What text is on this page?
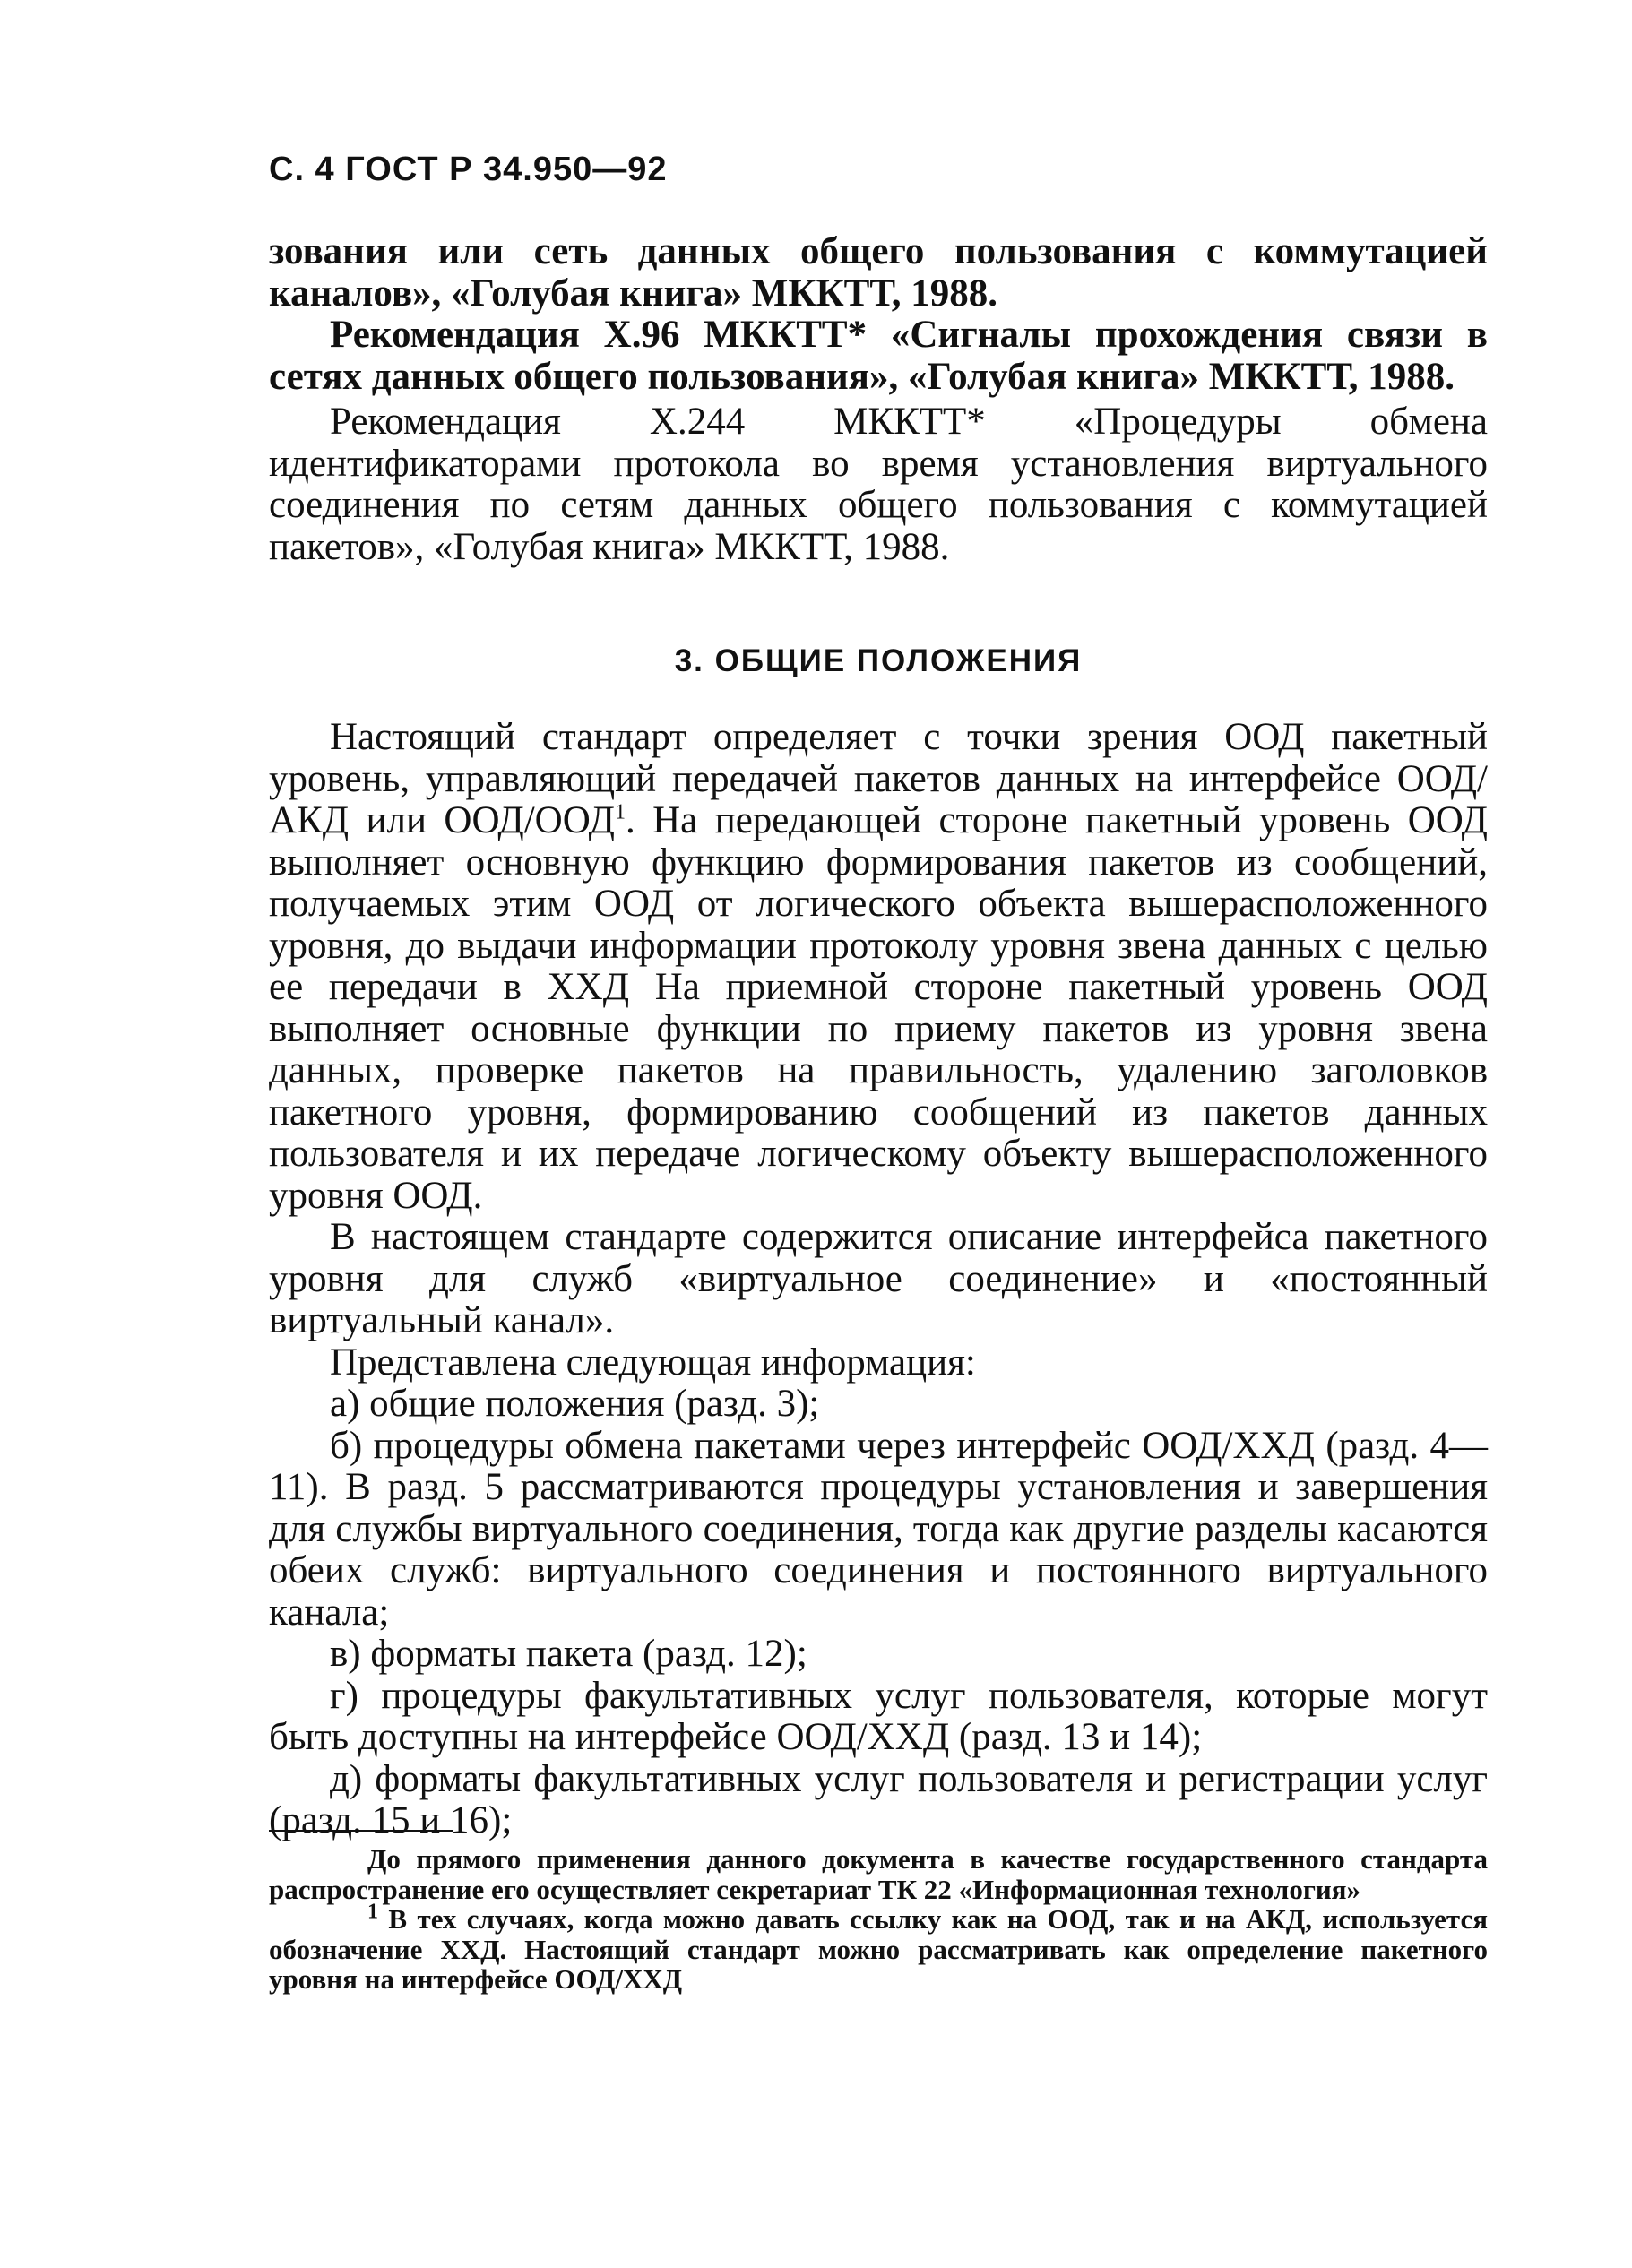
С. 4 ГОСТ Р 34.950—92

зования или сеть данных общего пользования с коммутацией каналов», «Голубая книга» МККТТ, 1988.

Рекомендация Х.96 МККТТ* «Сигналы прохождения связи в сетях данных общего пользования», «Голубая книга» МККТТ, 1988.

Рекомендация Х.244 МККТТ* «Процедуры обмена идентификаторами протокола во время установления виртуального соединения по сетям данных общего пользования с коммутацией пакетов», «Голубая книга» МККТТ, 1988.

3. ОБЩИЕ ПОЛОЖЕНИЯ

Настоящий стандарт определяет с точки зрения ООД пакетный уровень, управляющий передачей пакетов данных на интерфейсе ООД/АКД или ООД/ООД$^1$. На передающей стороне пакетный уровень ООД выполняет основную функцию формирования пакетов из сообщений, получаемых этим ООД от логического объекта вышерасположенного уровня, до выдачи информации протоколу уровня звена данных с целью ее передачи в ХХД На приемной стороне пакетный уровень ООД выполняет основные функции по приему пакетов из уровня звена данных, проверке пакетов на правильность, удалению заголовков пакетного уровня, формированию сообщений из пакетов данных пользователя и их передаче логическому объекту вышерасположенного уровня ООД.

В настоящем стандарте содержится описание интерфейса пакетного уровня для служб «виртуальное соединение» и «постоянный виртуальный канал».

Представлена следующая информация:

а) общие положения (разд. 3);

б) процедуры обмена пакетами через интерфейс ООД/ХХД (разд. 4—11). В разд. 5 рассматриваются процедуры установления и завершения для службы виртуального соединения, тогда как другие разделы касаются обеих служб: виртуального соединения и постоянного виртуального канала;

в) форматы пакета (разд. 12);

г) процедуры факультативных услуг пользователя, которые могут быть доступны на интерфейсе ООД/ХХД (разд. 13 и 14);

д) форматы факультативных услуг пользователя и регистрации услуг (разд. 15 и 16);

До прямого применения данного документа в качестве государственного стандарта распространение его осуществляет секретариат ТК 22 «Информационная технология»

$^1$ В тех случаях, когда можно давать ссылку как на ООД, так и на АКД, используется обозначение ХХД. Настоящий стандарт можно рассматривать как определение пакетного уровня на интерфейсе ООД/ХХД
